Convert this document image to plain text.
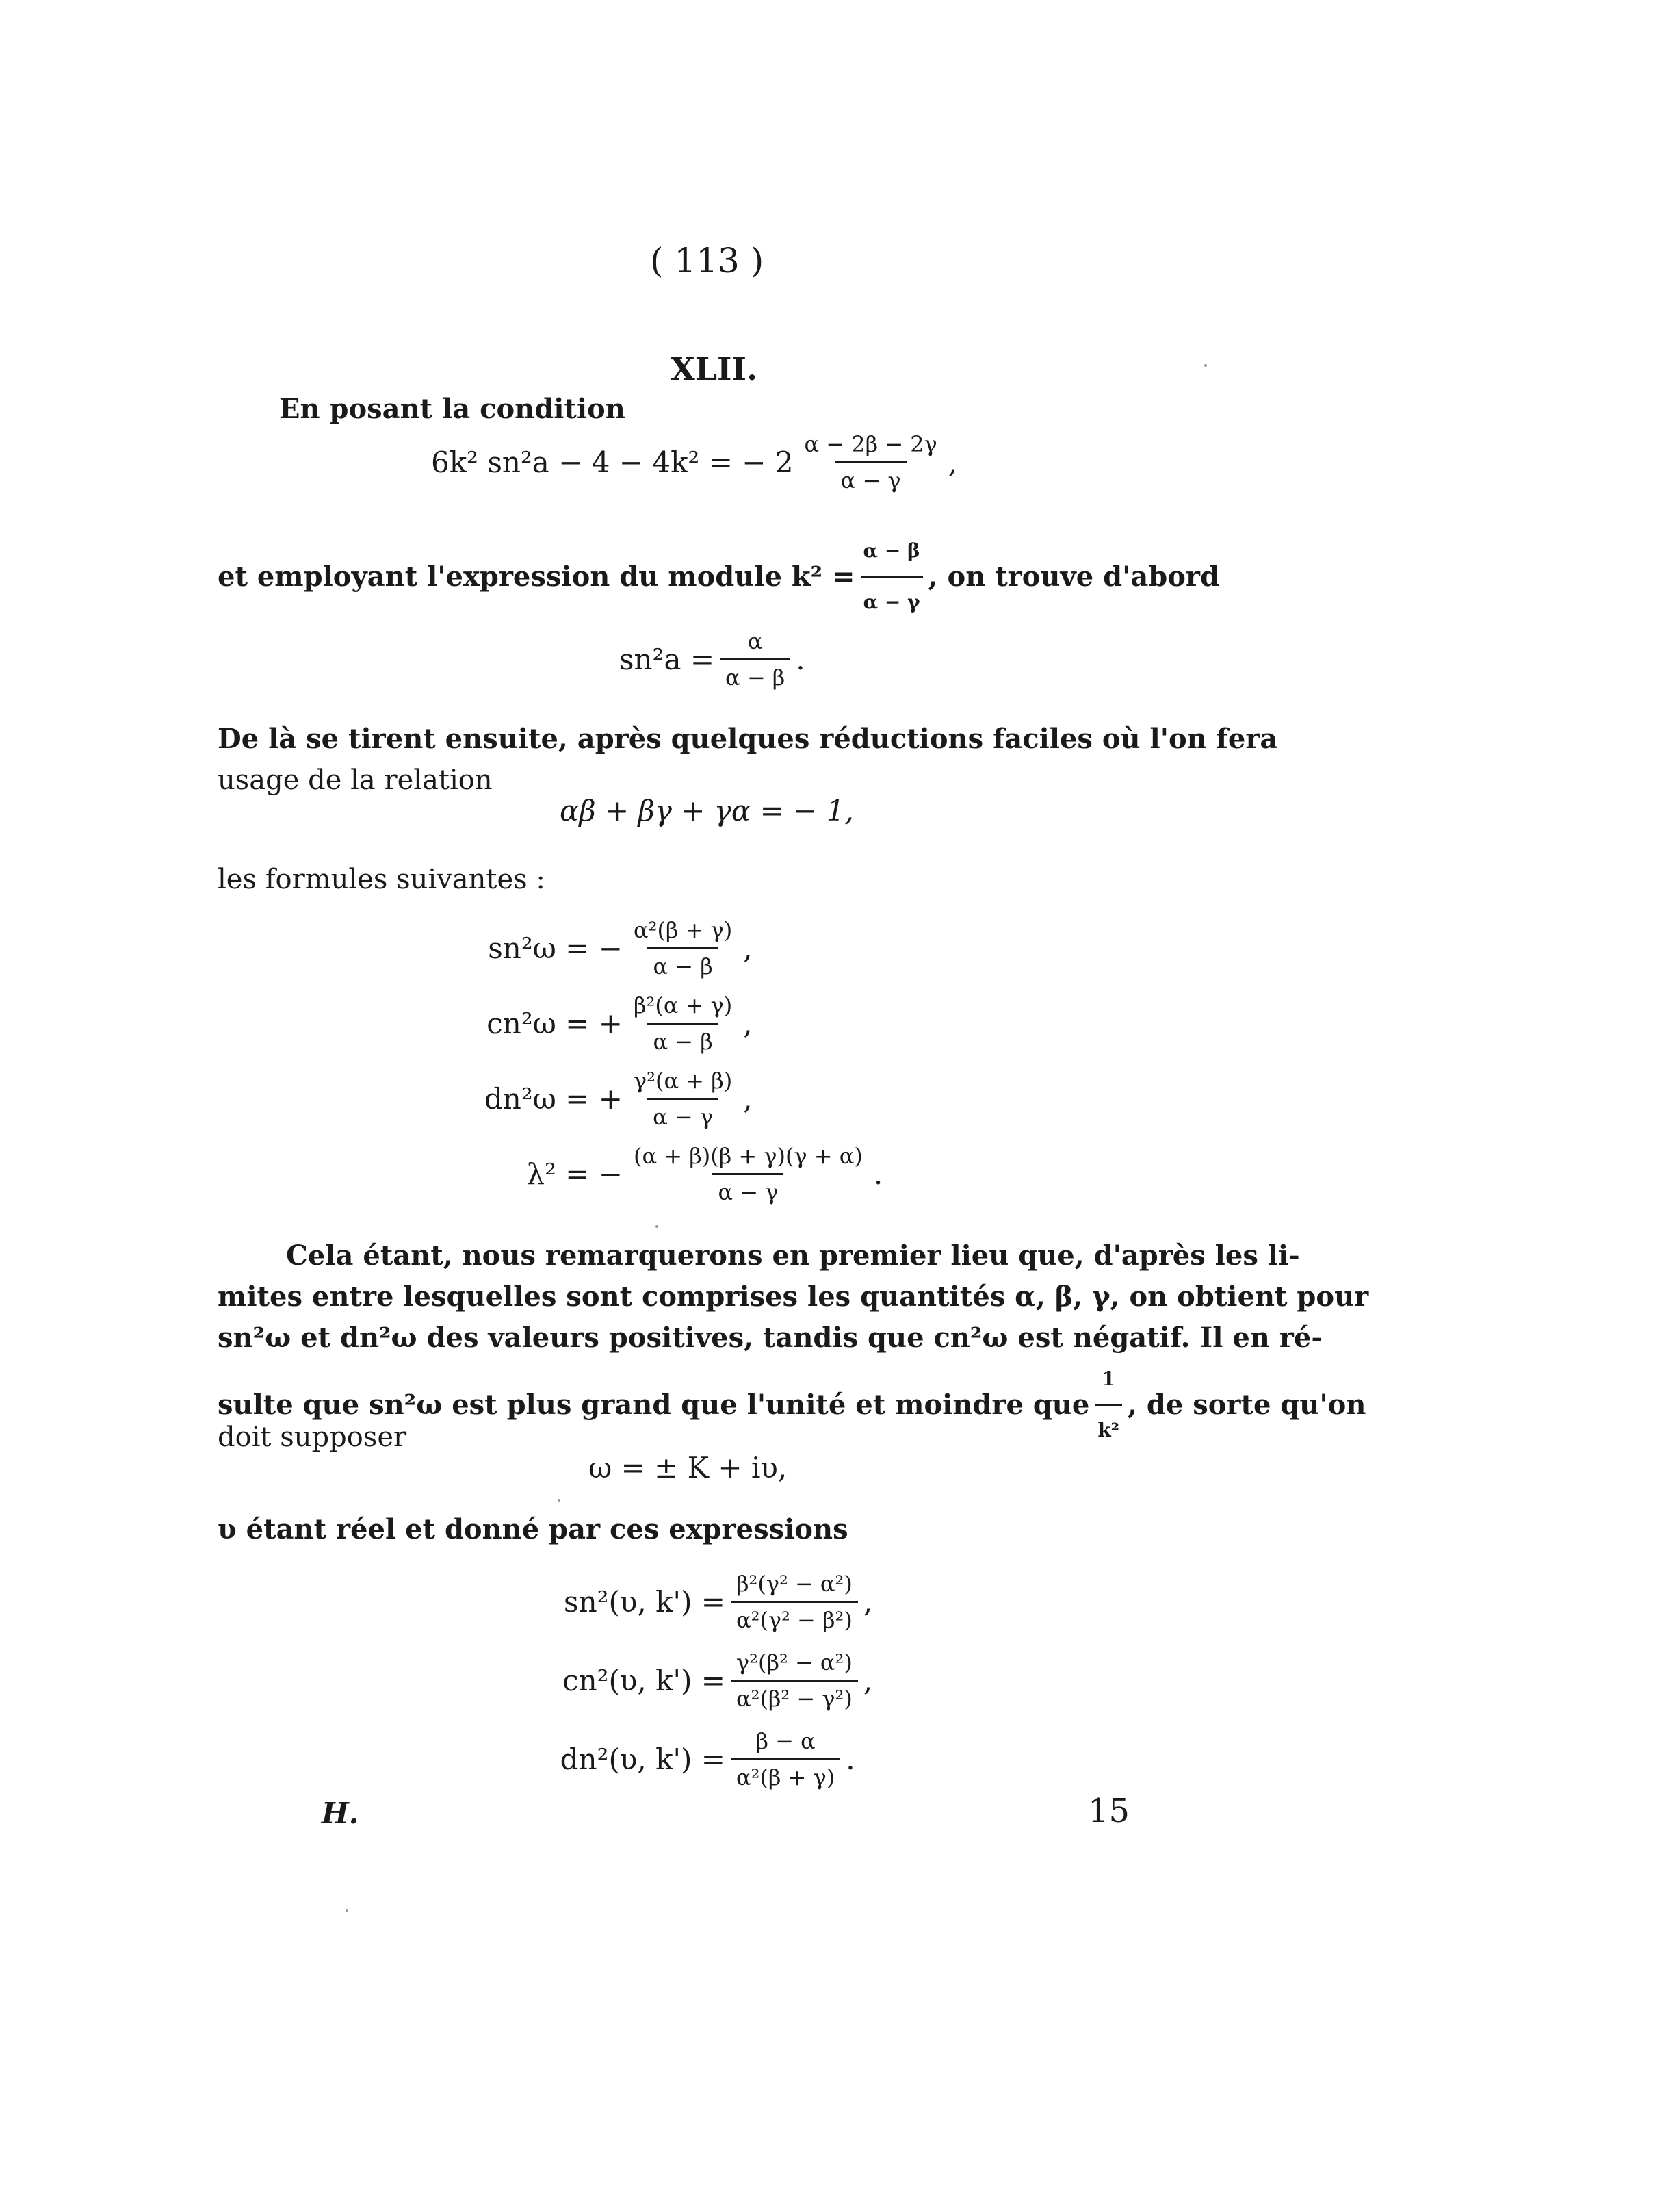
( 113 )
XLII.
En posant la condition
6k² sn²a − 4 − 4k² = − $2 \frac{\alpha - 2\beta - 2\gamma}{\alpha - \gamma}$ ,
et employant l'expression du module $k^2 = \frac{\alpha - \beta}{\alpha - \gamma}$ , on trouve d'abord
$sn^2a = \frac{\alpha}{\alpha - \beta}$ .
De là se tirent ensuite, après quelques réductions faciles où l'on fera
usage de la relation
αβ + βγ + γα = − 1,
les formules suivantes :
sn²ω = − $\frac{\text{α²(β + γ)}}{\alpha - \beta}$ ,
cn²ω = + $\frac{\text{β²(α + γ)}}{\alpha - \beta}$ ,
dn²ω = + $\frac{\text{γ²(α + β)}}{\alpha - \gamma}$ ,
λ² = − $\frac{(\alpha + \beta)(\beta + \gamma)(\gamma + \alpha)}{\alpha - \gamma}$ .
Cela étant, nous remarquerons en premier lieu que, d'après les li-
mites entre lesquelles sont comprises les quantités α, β, γ, on obtient pour
sn²ω et dn²ω des valeurs positives, tandis que cn²ω est négatif. Il en ré-
sulte que sn²ω est plus grand que l'unité et moindre que $\frac{1}{\text{k²}}$ , de sorte qu'on
doit supposer
ω = ± K + iυ,
υ étant réel et donné par ces expressions
sn²(υ, $k') = \frac{\text{β²(γ² − α²)}}{\text{α²(γ² − β²)}}$ ,
cn²(υ, $k') = \frac{\text{γ²(β² − α²)}}{\text{α²(β² − γ²)}}$ ,
dn²(υ, $k') = \frac{\beta - \alpha}{\text{α²(β + γ)}}$ .
H.	15
